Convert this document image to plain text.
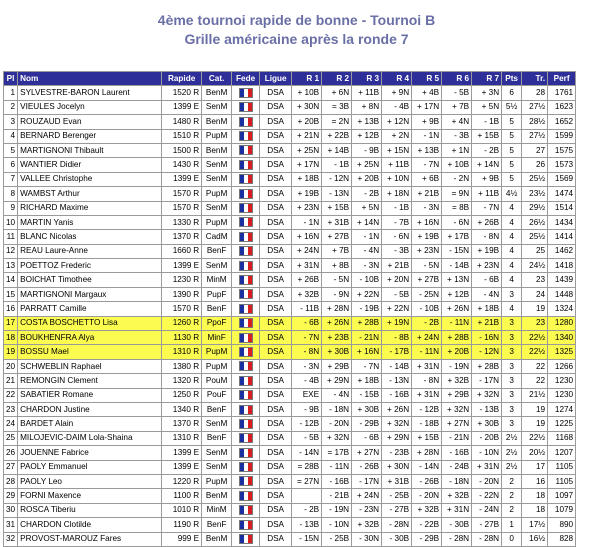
4ème tournoi rapide de bonne - Tournoi B
Grille américaine après la ronde 7
Pl	Nom	Rapide	Cat.	Fede	Ligue	R 1	R 2	R 3	R 4	R 5	R 6	R 7	Pts	Tr.	Perf
1	SYLVESTRE-BARON Laurent	1520 R	BenM		DSA	+ 10B	+ 6N	+ 11B	+ 9N	+ 4B	- 5B	+ 3N	6	28	1761
2	VIEULES Jocelyn	1399 E	SenM		DSA	+ 30N	= 3B	+ 8N	- 4B	+ 17N	+ 7B	+ 5N	5½	27½	1623
3	ROUZAUD Evan	1480 R	BenM		DSA	+ 20B	= 2N	+ 13B	+ 12N	+ 9B	+ 4N	- 1B	5	28½	1652
4	BERNARD Berenger	1510 R	PupM		DSA	+ 21N	+ 22B	+ 12B	+ 2N	- 1N	- 3B	+ 15B	5	27½	1599
5	MARTIGNONI Thibault	1500 R	BenM		DSA	+ 25N	+ 14B	- 9B	+ 15N	+ 13B	+ 1N	- 2B	5	27	1575
6	WANTIER Didier	1430 R	SenM		DSA	+ 17N	- 1B	+ 25N	+ 11B	- 7N	+ 10B	+ 14N	5	26	1573
7	VALLEE Christophe	1399 E	SenM		DSA	+ 18B	- 12N	+ 20B	+ 10N	+ 6B	- 2N	+ 9B	5	25½	1569
8	WAMBST Arthur	1570 R	PupM		DSA	+ 19B	- 13N	- 2B	+ 18N	+ 21B	= 9N	+ 11B	4½	23½	1474
9	RICHARD Maxime	1570 R	SenM		DSA	+ 23N	+ 15B	+ 5N	- 1B	- 3N	= 8B	- 7N	4	29½	1514
10	MARTIN Yanis	1330 R	PupM		DSA	- 1N	+ 31B	+ 14N	- 7B	+ 16N	- 6N	+ 26B	4	26½	1434
11	BLANC Nicolas	1370 R	CadM		DSA	+ 16N	+ 27B	- 1N	- 6N	+ 19B	+ 17B	- 8N	4	25½	1414
12	REAU Laure-Anne	1660 R	BenF		DSA	+ 24N	+ 7B	- 4N	- 3B	+ 23N	- 15N	+ 19B	4	25	1462
13	POETTOZ Frederic	1399 E	SenM		DSA	+ 31N	+ 8B	- 3N	+ 21B	- 5N	- 14B	+ 23N	4	24½	1418
14	BOICHAT Timothee	1230 R	MinM		DSA	+ 26B	- 5N	- 10B	+ 20N	+ 27B	+ 13N	- 6B	4	23	1439
15	MARTIGNONI Margaux	1390 R	PupF		DSA	+ 32B	- 9N	+ 22N	- 5B	- 25N	+ 12B	- 4N	3	24	1448
16	PARRATT Camille	1570 R	BenF		DSA	- 11B	+ 28N	- 19B	+ 22N	- 10B	+ 26N	+ 18B	4	19	1324
17	COSTA BOSCHETTO Lisa	1260 R	PpoF		DSA	- 6B	+ 26N	+ 28B	+ 19N	- 2B	- 11N	+ 21B	3	23	1280
18	BOUKHENFRA Alya	1130 R	MinF		DSA	- 7N	+ 23B	- 21N	- 8B	+ 24N	+ 28B	- 16N	3	22½	1340
19	BOSSU Mael	1310 R	PupM		DSA	- 8N	+ 30B	+ 16N	- 17B	- 11N	+ 20B	- 12N	3	22½	1325
20	SCHWEBLIN Raphael	1380 R	PupM		DSA	- 3N	+ 29B	- 7N	- 14B	+ 31N	- 19N	+ 28B	3	22	1266
21	REMONGIN Clement	1320 R	PouM		DSA	- 4B	+ 29N	+ 18B	- 13N	- 8N	+ 32B	- 17N	3	22	1230
22	SABATIER Romane	1250 R	PouF		DSA	EXE	- 4N	- 15B	- 16B	+ 31N	+ 29B	+ 32N	3	21½	1230
23	CHARDON Justine	1340 R	BenF		DSA	- 9B	- 18N	+ 30B	+ 26N	- 12B	+ 32N	- 13B	3	19	1274
24	BARDET Alain	1370 R	SenM		DSA	- 12B	- 20N	- 29B	+ 32N	- 18B	+ 27N	+ 30B	3	19	1225
25	MILOJEVIC-DAIM Lola-Shaina	1310 R	BenF		DSA	- 5B	+ 32N	- 6B	+ 29N	+ 15B	- 21N	- 20B	2½	22½	1168
26	JOUENNE Fabrice	1399 E	SenM		DSA	- 14N	= 17B	+ 27N	- 23B	+ 28N	- 16B	- 10N	2½	20½	1207
27	PAOLY Emmanuel	1399 E	SenM		DSA	= 28B	- 11N	- 26B	+ 30N	- 14N	- 24B	+ 31N	2½	17	1105
28	PAOLY Leo	1220 R	PupM		DSA	= 27N	- 16B	- 17N	+ 31B	- 26B	- 18N	- 20N	2	16	1105
29	FORNI Maxence	1100 R	BenM		DSA		- 21B	+ 24N	- 25B	- 20N	+ 32B	- 22N	2	18	1097
30	ROSCA Tiberiu	1010 R	MinM		DSA	- 2B	- 19N	- 23N	- 27B	+ 32B	+ 31N	- 24N	2	18	1079
31	CHARDON Clotilde	1190 R	BenF		DSA	- 13B	- 10N	+ 32B	- 28N	- 22B	- 30B	- 27B	1	17½	890
32	PROVOST-MAROUZ Fares	999 E	BenM		DSA	- 15N	- 25B	- 30N	- 30B	- 29B	- 28N	- 28N	0	16½	828
